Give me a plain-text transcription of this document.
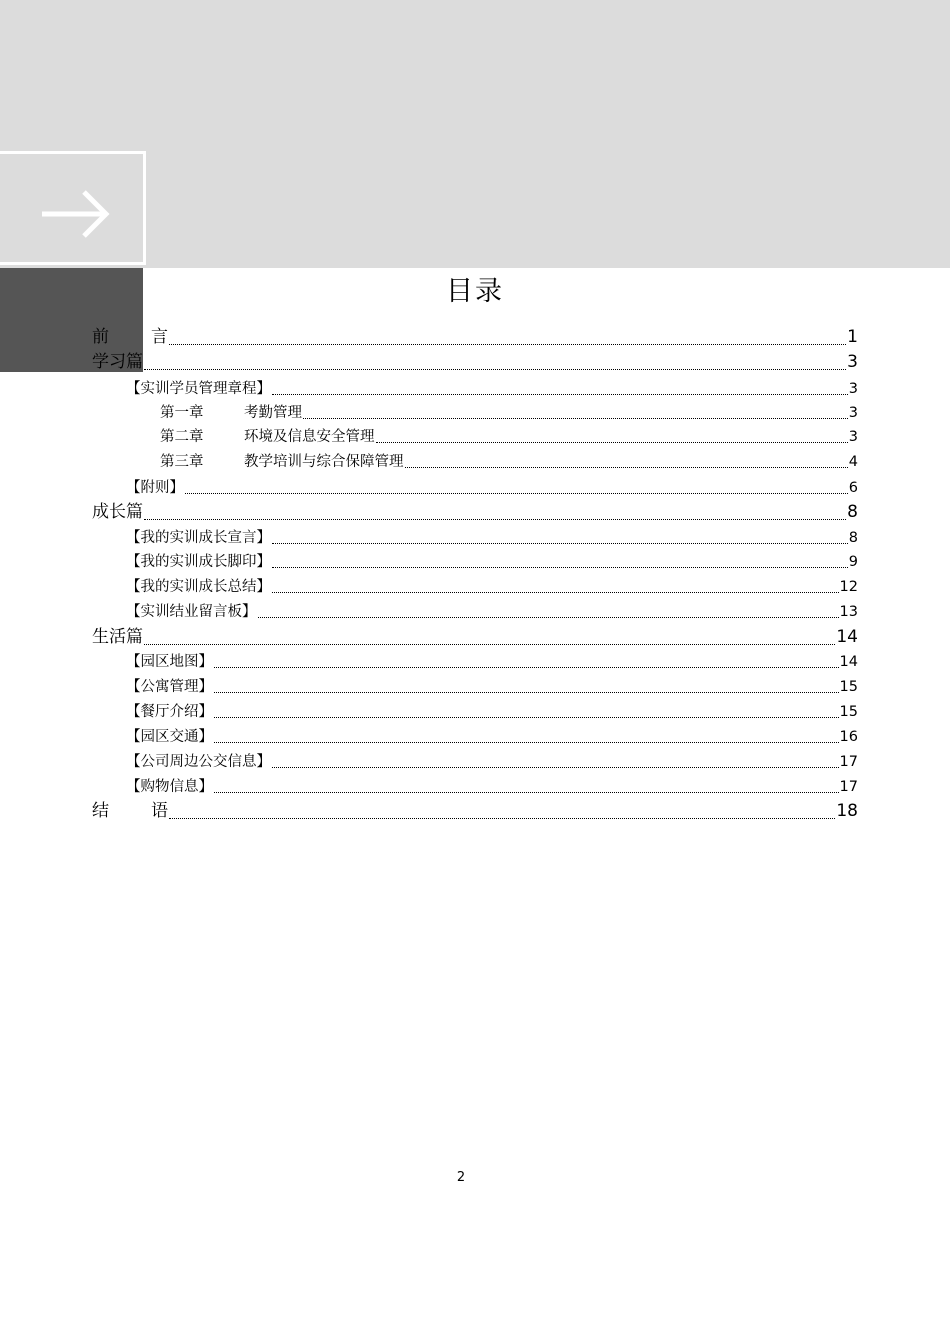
目录
前 言	1
学习篇	3
【实训学员管理章程】	3
第一章	考勤管理	3
第二章	环境及信息安全管理	3
第三章	教学培训与综合保障管理	4
【附则】	6
成长篇	8
【我的实训成长宣言】	8
【我的实训成长脚印】	9
【我的实训成长总结】	12
【实训结业留言板】	13
生活篇	14
【园区地图】	14
【公寓管理】	15
【餐厅介绍】	15
【园区交通】	16
【公司周边公交信息】	17
【购物信息】	17
结 语	18
2
